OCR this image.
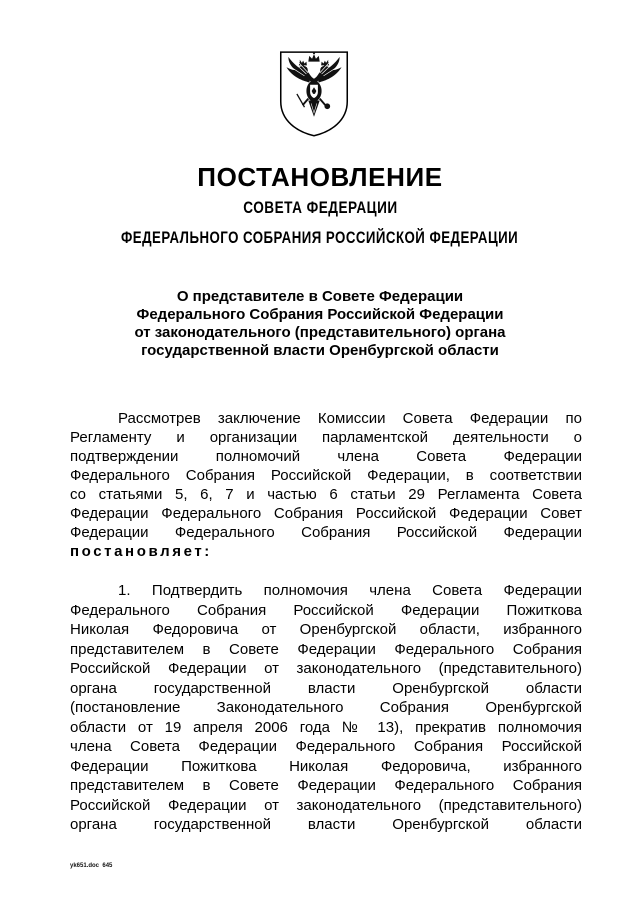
ПОСТАНОВЛЕНИЕ
СОВЕТА ФЕДЕРАЦИИ
ФЕДЕРАЛЬНОГО СОБРАНИЯ РОССИЙСКОЙ ФЕДЕРАЦИИ
О представителе в Совете Федерации
Федерального Собрания Российской Федерации
от законодательного (представительного) органа
государственной власти Оренбургской области
Рассмотрев заключение Комиссии Совета Федерации по
Регламенту и организации парламентской деятельности о
подтверждении полномочий члена Совета Федерации
Федерального Собрания Российской Федерации, в соответствии
со статьями 5, 6, 7 и частью 6 статьи 29 Регламента Совета
Федерации Федерального Собрания Российской Федерации Совет
Федерации Федерального Собрания Российской Федерации
постановляет:
1. Подтвердить полномочия члена Совета Федерации
Федерального Собрания Российской Федерации Пожиткова
Николая Федоровича от Оренбургской области, избранного
представителем в Совете Федерации Федерального Собрания
Российской Федерации от законодательного (представительного)
органа государственной власти Оренбургской области
(постановление Законодательного Собрания Оренбургской
области от 19 апреля 2006 года № 13), прекратив полномочия
члена Совета Федерации Федерального Собрания Российской
Федерации Пожиткова Николая Федоровича, избранного
представителем в Совете Федерации Федерального Собрания
Российской Федерации от законодательного (представительного)
органа государственной власти Оренбургской области
yk651.doc  645
